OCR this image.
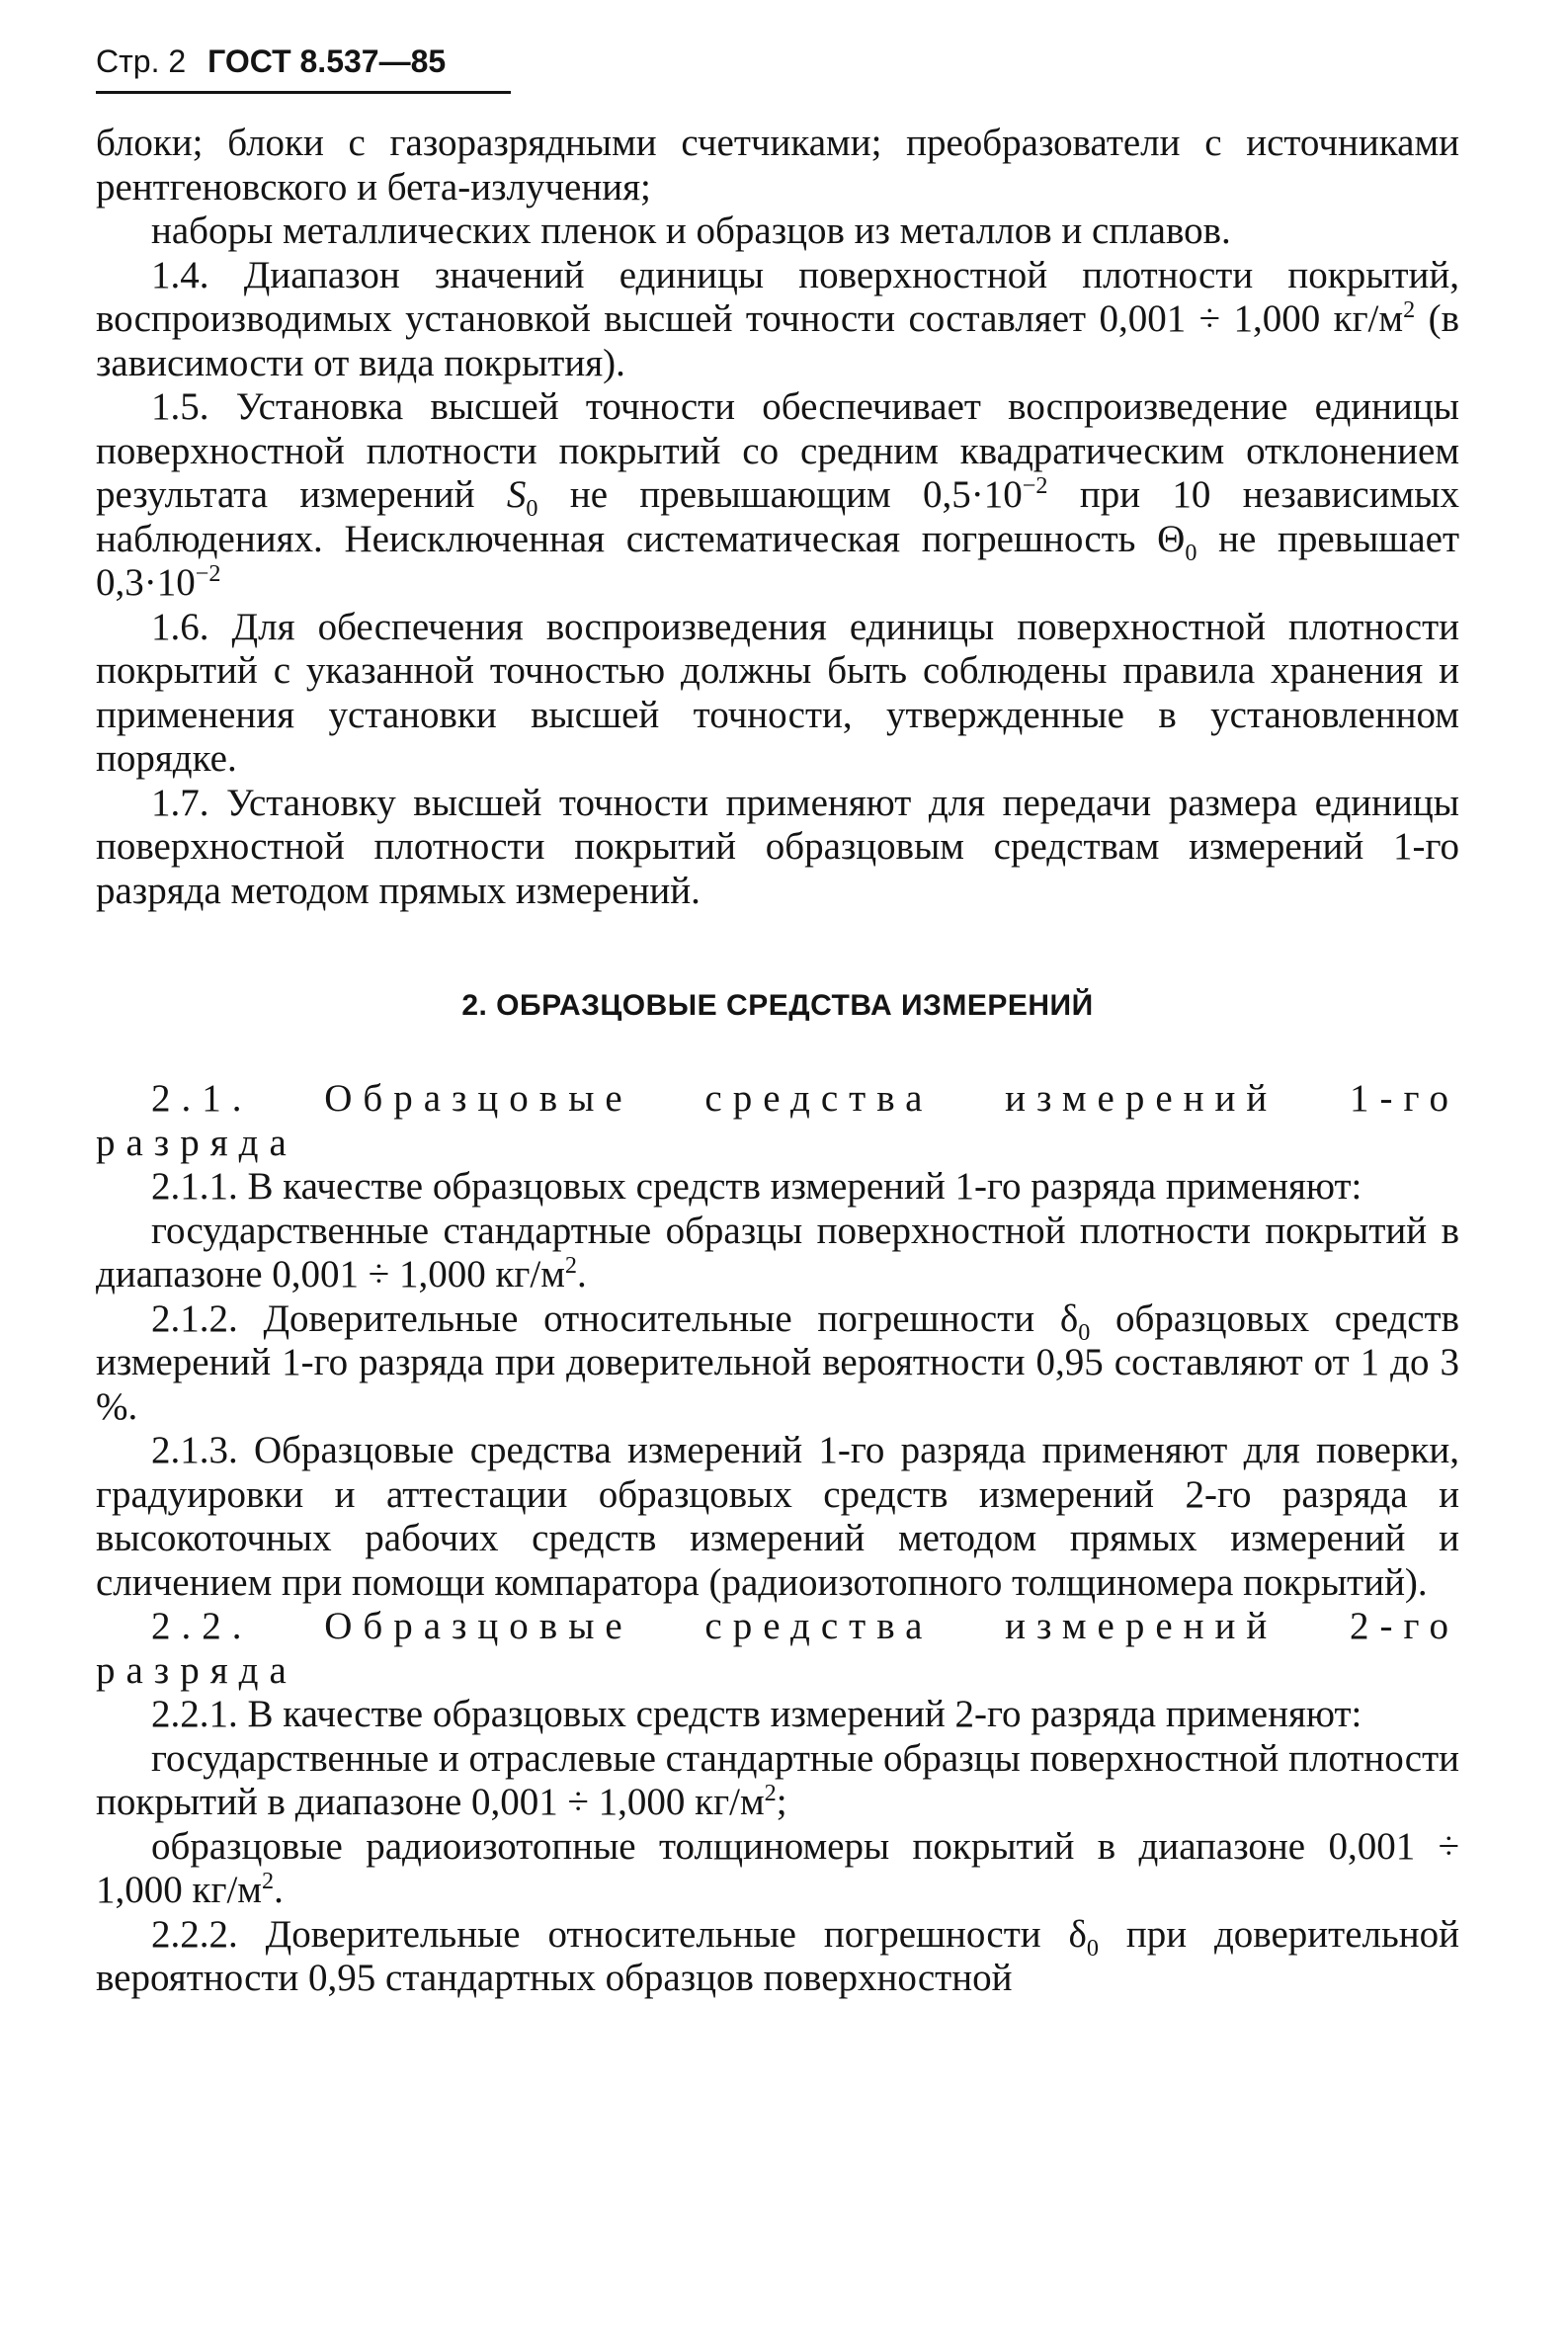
Стр. 2 ГОСТ 8.537—85

блоки; блоки с газоразрядными счетчиками; преобразователи с источниками рентгеновского и бета-излучения;

наборы металлических пленок и образцов из металлов и сплавов.

1.4. Диапазон значений единицы поверхностной плотности покрытий, воспроизводимых установкой высшей точности составляет 0,001 ÷ 1,000 $кг/м^2$ (в зависимости от вида покрытия).

1.5. Установка высшей точности обеспечивает воспроизведение единицы поверхностной плотности покрытий со средним квадратическим отклонением результата измерений $S_0$ не превышающим $0,5\cdot 10^{-2}$ при 10 независимых наблюдениях. Неисключенная систематическая погрешность $\Theta_0$ не превышает $0,3\cdot 10^{-2}$

1.6. Для обеспечения воспроизведения единицы поверхностной плотности покрытий с указанной точностью должны быть соблюдены правила хранения и применения установки высшей точности, утвержденные в установленном порядке.

1.7. Установку высшей точности применяют для передачи размера единицы поверхностной плотности покрытий образцовым средствам измерений 1-го разряда методом прямых измерений.

2. ОБРАЗЦОВЫЕ СРЕДСТВА ИЗМЕРЕНИЙ

2.1. Образцовые средства измерений 1-го разряда

2.1.1. В качестве образцовых средств измерений 1-го разряда применяют:

государственные стандартные образцы поверхностной плотности покрытий в диапазоне 0,001 ÷ 1,000 $кг/м^2$.

2.1.2. Доверительные относительные погрешности $\delta_0$ образцовых средств измерений 1-го разряда при доверительной вероятности 0,95 составляют от 1 до 3 %.

2.1.3. Образцовые средства измерений 1-го разряда применяют для поверки, градуировки и аттестации образцовых средств измерений 2-го разряда и высокоточных рабочих средств измерений методом прямых измерений и сличением при помощи компаратора (радиоизотопного толщиномера покрытий).

2.2. Образцовые средства измерений 2-го разряда

2.2.1. В качестве образцовых средств измерений 2-го разряда применяют:

государственные и отраслевые стандартные образцы поверхностной плотности покрытий в диапазоне 0,001 ÷ 1,000 $кг/м^2$;

образцовые радиоизотопные толщиномеры покрытий в диапазоне 0,001 ÷ 1,000 $кг/м^2$.

2.2.2. Доверительные относительные погрешности $\delta_0$ при доверительной вероятности 0,95 стандартных образцов поверхностной
